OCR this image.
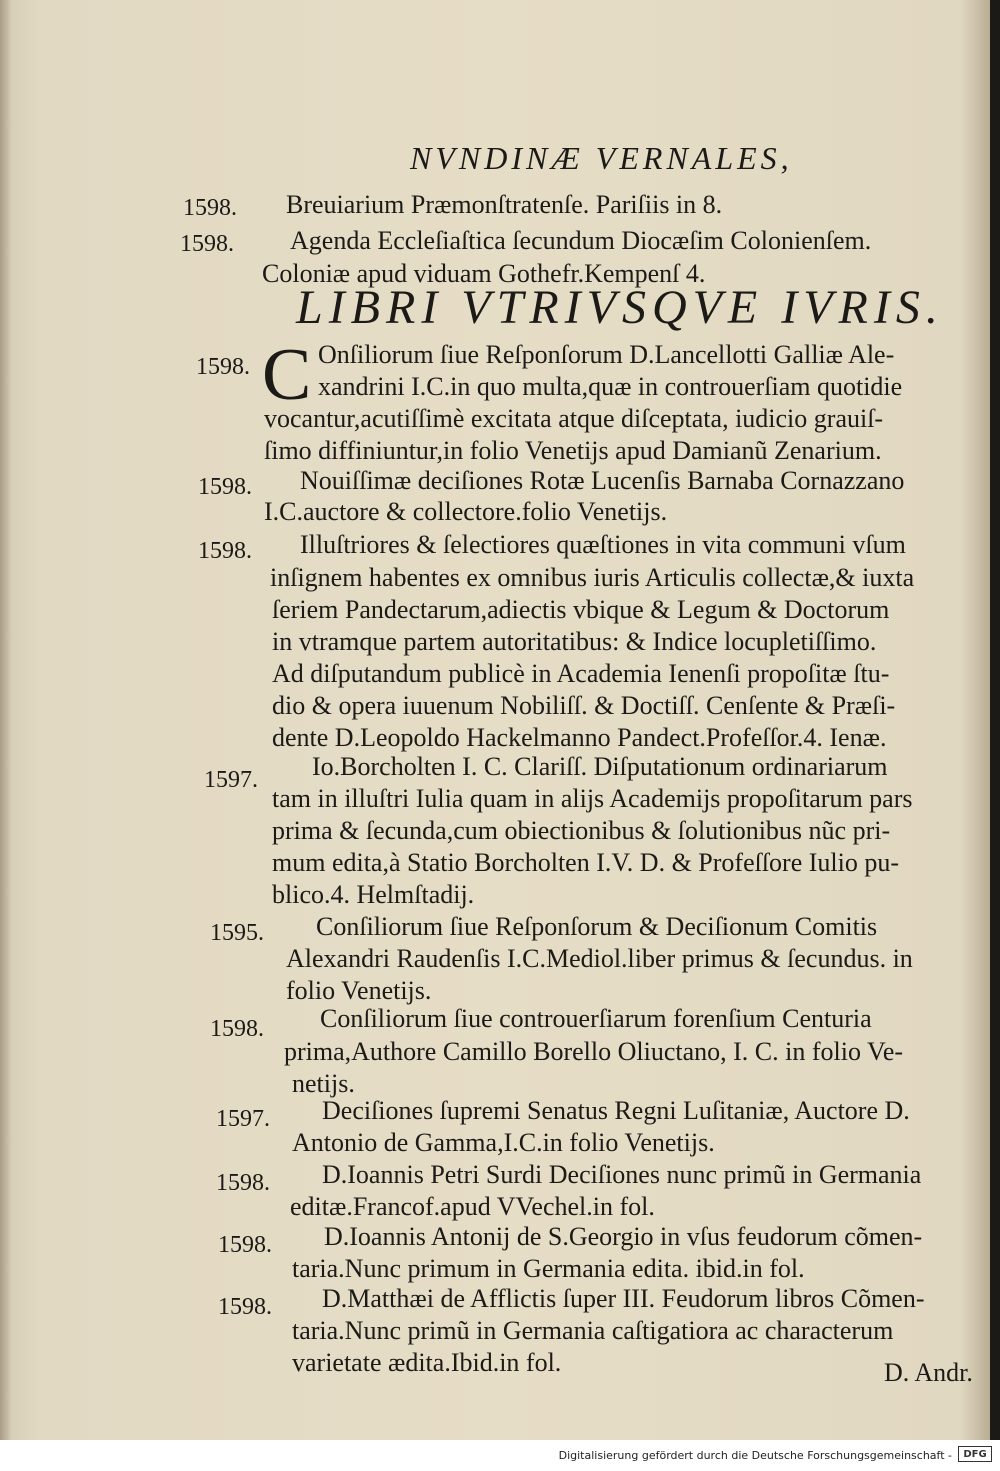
NVNDINÆ VERNALES,
1598. Breuiarium Præmonſtratenſe. Pariſiis in 8.
1598. Agenda Eccleſiaſtica ſecundum Diocæſim Colonienſem.
Coloniæ apud viduam Gothefr.Kempenſ 4.
LIBRI VTRIVSQVE IVRIS.
1598. C Onſiliorum ſiue Reſponſorum D.Lancellotti Galliæ Ale-
xandrini I.C.in quo multa,quæ in controuerſiam quotidie
vocantur,acutiſſimè excitata atque diſceptata, iudicio grauiſ-
ſimo diffiniuntur,in folio Venetijs apud Damianũ Zenarium.
1598. Nouiſſimæ deciſiones Rotæ Lucenſis Barnaba Cornazzano
I.C.auctore & collectore.folio Venetijs.
1598. Illuſtriores & ſelectiores quæſtiones in vita communi vſum
inſignem habentes ex omnibus iuris Articulis collectæ,& iuxta
ſeriem Pandectarum,adiectis vbique & Legum & Doctorum
in vtramque partem autoritatibus: & Indice locupletiſſimo.
Ad diſputandum publicè in Academia Ienenſi propoſitæ ſtu-
dio & opera iuuenum Nobiliſſ. & Doctiſſ. Cenſente & Præſi-
dente D.Leopoldo Hackelmanno Pandect.Profeſſor.4. Ienæ.
1597. Io.Borcholten I. C. Clariſſ. Diſputationum ordinariarum
tam in illuſtri Iulia quam in alijs Academijs propoſitarum pars
prima & ſecunda,cum obiectionibus & ſolutionibus nũc pri-
mum edita,à Statio Borcholten I.V. D. & Profeſſore Iulio pu-
blico.4. Helmſtadij.
1595. Conſiliorum ſiue Reſponſorum & Deciſionum Comitis
Alexandri Raudenſis I.C.Mediol.liber primus & ſecundus. in
folio Venetijs.
1598. Conſiliorum ſiue controuerſiarum forenſium Centuria
prima,Authore Camillo Borello Oliuctano, I. C. in folio Ve-
netijs.
1597. Deciſiones ſupremi Senatus Regni Luſitaniæ, Auctore D.
Antonio de Gamma,I.C.in folio Venetijs.
1598. D.Ioannis Petri Surdi Deciſiones nunc primũ in Germania
editæ.Francof.apud VVechel.in fol.
1598. D.Ioannis Antonij de S.Georgio in vſus feudorum cõmen-
taria.Nunc primum in Germania edita. ibid.in fol.
1598. D.Matthæi de Afflictis ſuper III. Feudorum libros Cõmen-
taria.Nunc primũ in Germania caſtigatiora ac characterum
varietate ædita.Ibid.in fol.	D. Andr.
Digitalisierung gefördert durch die Deutsche Forschungsgemeinschaft -	DFG
